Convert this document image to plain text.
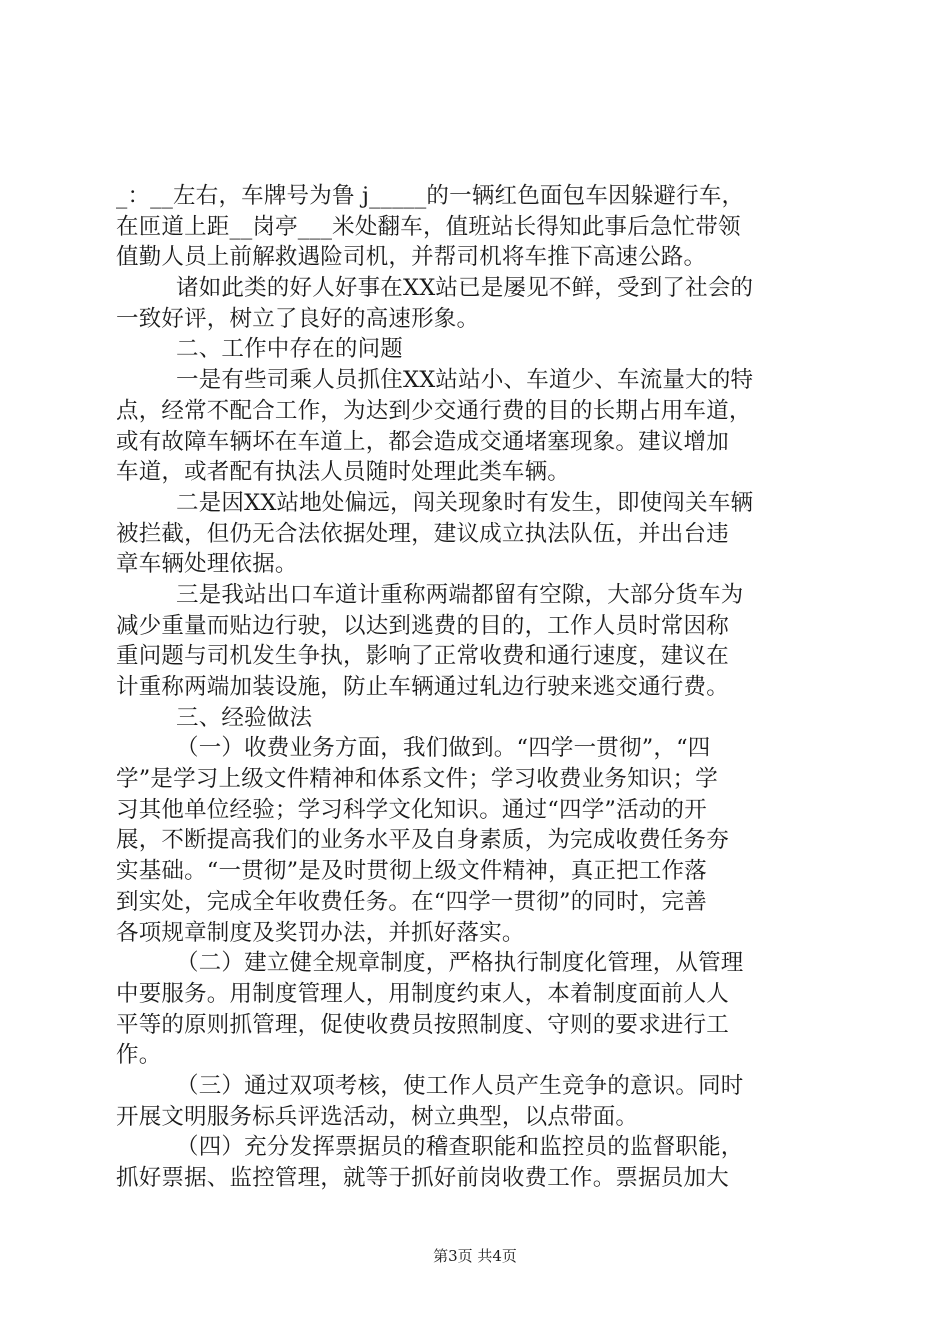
_：__左右，车牌号为鲁 j_____的一辆红色面包车因躲避行车，
在匝道上距__岗亭___米处翻车，值班站长得知此事后急忙带领
值勤人员上前解救遇险司机，并帮司机将车推下高速公路。
诸如此类的好人好事在XX站已是屡见不鲜，受到了社会的
一致好评，树立了良好的高速形象。
二、工作中存在的问题
一是有些司乘人员抓住XX站站小、车道少、车流量大的特
点，经常不配合工作，为达到少交通行费的目的长期占用车道，
或有故障车辆坏在车道上，都会造成交通堵塞现象。建议增加
车道，或者配有执法人员随时处理此类车辆。
二是因XX站地处偏远，闯关现象时有发生，即使闯关车辆
被拦截，但仍无合法依据处理，建议成立执法队伍，并出台违
章车辆处理依据。
三是我站出口车道计重称两端都留有空隙，大部分货车为
减少重量而贴边行驶，以达到逃费的目的，工作人员时常因称
重问题与司机发生争执，影响了正常收费和通行速度，建议在
计重称两端加装设施，防止车辆通过轧边行驶来逃交通行费。
三、经验做法
（一）收费业务方面，我们做到。“四学一贯彻”，“四
学”是学习上级文件精神和体系文件；学习收费业务知识；学
习其他单位经验；学习科学文化知识。通过“四学”活动的开
展，不断提高我们的业务水平及自身素质，为完成收费任务夯
实基础。“一贯彻”是及时贯彻上级文件精神，真正把工作落
到实处，完成全年收费任务。在“四学一贯彻”的同时，完善
各项规章制度及奖罚办法，并抓好落实。
（二）建立健全规章制度，严格执行制度化管理，从管理
中要服务。用制度管理人，用制度约束人，本着制度面前人人
平等的原则抓管理，促使收费员按照制度、守则的要求进行工
作。
（三）通过双项考核，使工作人员产生竞争的意识。同时
开展文明服务标兵评选活动，树立典型，以点带面。
（四）充分发挥票据员的稽查职能和监控员的监督职能，
抓好票据、监控管理，就等于抓好前岗收费工作。票据员加大
第3页 共4页
